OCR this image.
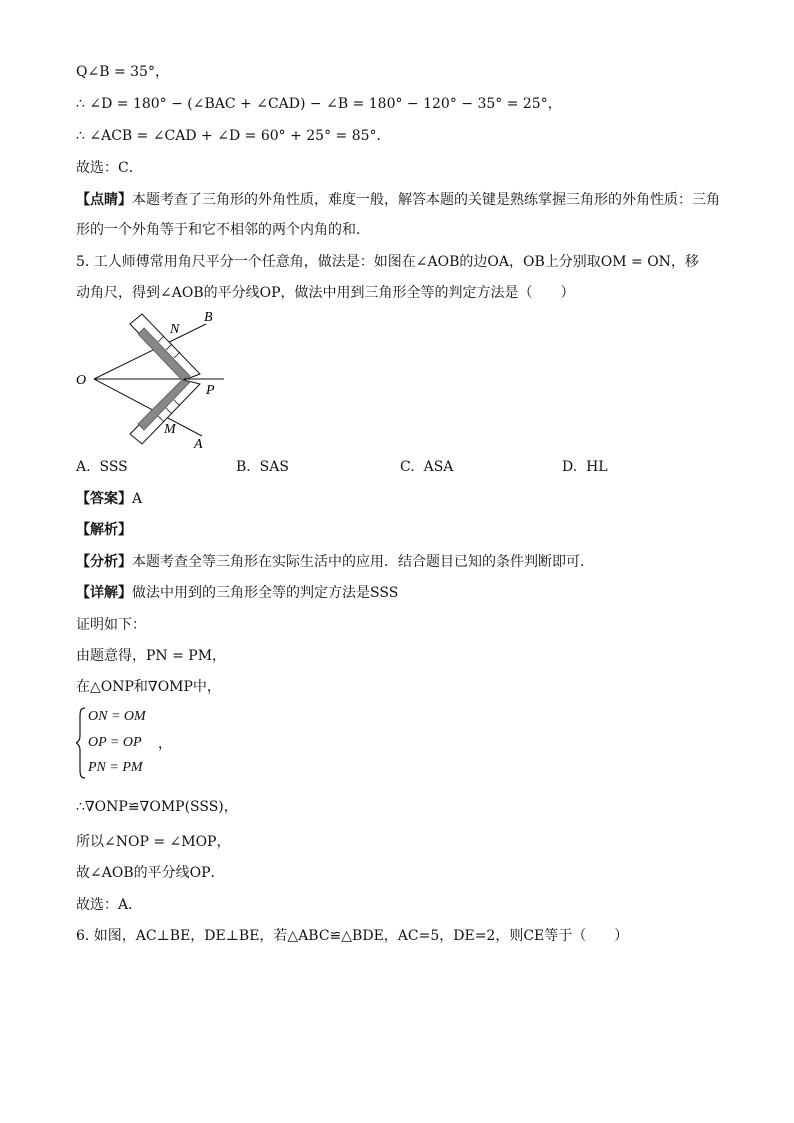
Q∠B = 35°，
∴ ∠D = 180° − (∠BAC + ∠CAD) − ∠B = 180° − 120° − 35° = 25°，
∴ ∠ACB = ∠CAD + ∠D = 60° + 25° = 85°．
故选：C．
【点睛】本题考查了三角形的外角性质，难度一般，解答本题的关键是熟练掌握三角形的外角性质：三角
形的一个外角等于和它不相邻的两个内角的和．
5. 工人师傅常用角尺平分一个任意角，做法是：如图在∠AOB的边OA，OB上分别取OM = ON，移
动角尺，得到∠AOB的平分线OP，做法中用到三角形全等的判定方法是（　　）
O
N
B
P
M
A
A. SSS	B. SAS	C. ASA	D. HL
【答案】A
【解析】
【分析】本题考查全等三角形在实际生活中的应用．结合题目已知的条件判断即可．
【详解】做法中用到的三角形全等的判定方法是SSS
证明如下：
由题意得，PN = PM，
在△ONP和∇OMP中，
ON = OM
OP = OP
PN = PM
，
∴∇ONP≌∇OMP(SSS)，
所以∠NOP = ∠MOP，
故∠AOB的平分线OP．
故选：A．
6. 如图，AC⊥BE，DE⊥BE，若△ABC≌△BDE，AC=5，DE=2，则CE等于（　　）
